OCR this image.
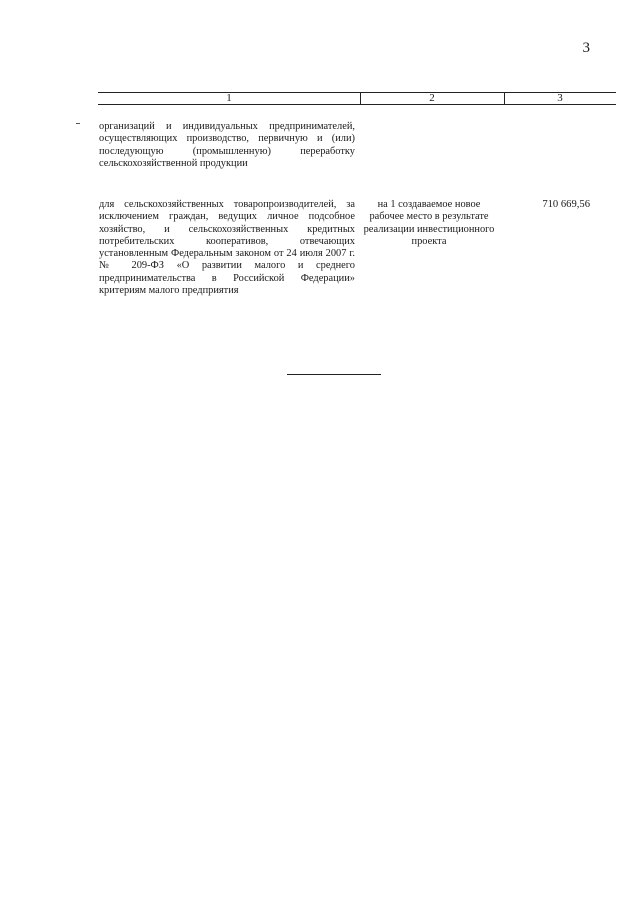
3
1	2	3
организаций и индивидуальных предпринимателей, осуществляющих производство, первичную и (или) последующую (промышленную) переработку сельскохозяйственной продукции
для сельскохозяйственных товаропроизводителей, за исключением граждан, ведущих личное подсобное хозяйство, и сельскохозяйственных кредитных потребительских кооперативов, отвечающих установленным Федеральным законом от 24 июля 2007 г. № 209-ФЗ «О развитии малого и среднего предпринимательства в Российской Федерации» критериям малого предприятия
на 1 создаваемое новое рабочее место в результате реализации инвестиционного проекта
710 669,56
